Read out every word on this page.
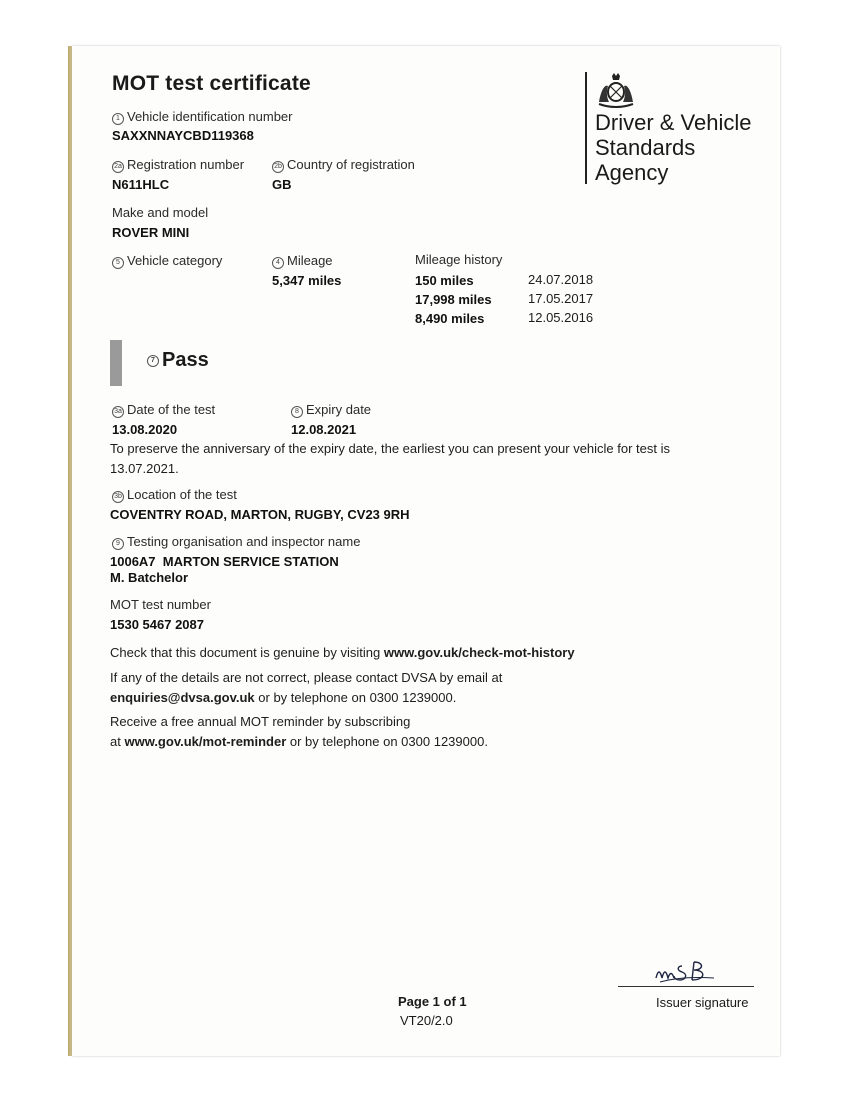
MOT test certificate
1 Vehicle identification number
SAXXNNAYCBD119368
2a Registration number
N611HLC
2b Country of registration
GB
Make and model
ROVER MINI
5 Vehicle category	4 Mileage
5,347 miles
Mileage history
150 miles	24.07.2018
17,998 miles	17.05.2017
8,490 miles	12.05.2016
Driver & Vehicle
Standards
Agency
7 Pass
3a Date of the test
13.08.2020
8 Expiry date
12.08.2021
To preserve the anniversary of the expiry date, the earliest you can present your vehicle for test is
13.07.2021.
3b Location of the test
COVENTRY ROAD, MARTON, RUGBY, CV23 9RH
9 Testing organisation and inspector name
1006A7  MARTON SERVICE STATION
M. Batchelor
MOT test number
1530 5467 2087
Check that this document is genuine by visiting www.gov.uk/check-mot-history
If any of the details are not correct, please contact DVSA by email at
enquiries@dvsa.gov.uk or by telephone on 0300 1239000.
Receive a free annual MOT reminder by subscribing
at www.gov.uk/mot-reminder or by telephone on 0300 1239000.
Page 1 of 1
VT20/2.0
Issuer signature
